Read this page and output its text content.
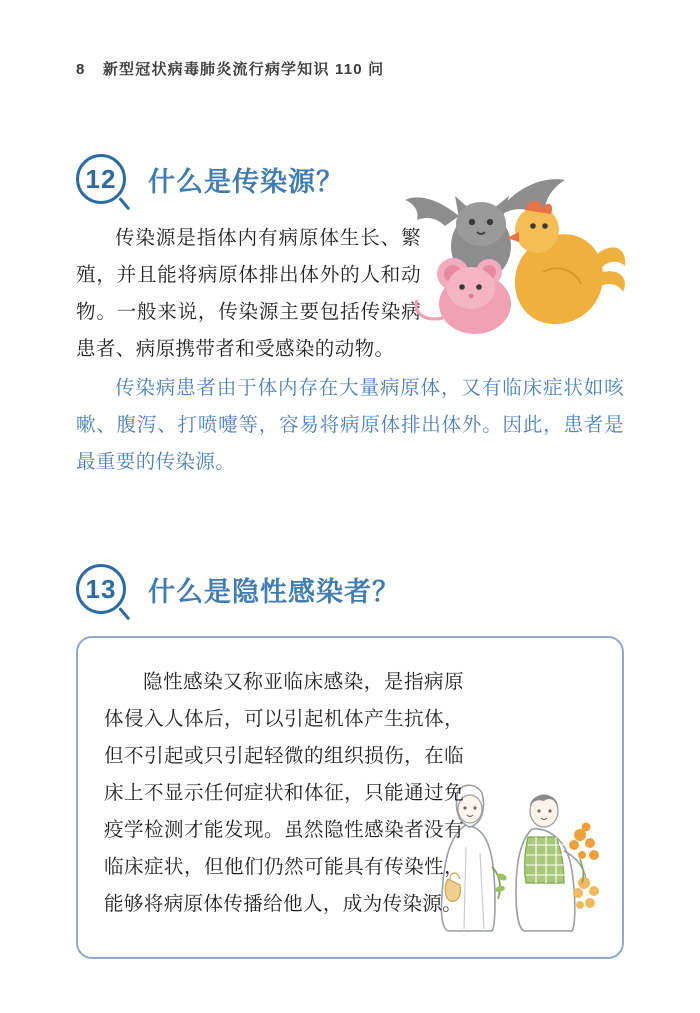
8 新型冠状病毒肺炎流行病学知识 110 问
12 什么是传染源？

传染源是指体内有病原体生长、繁殖，并且能将病原体排出体外的人和动物。一般来说，传染源主要包括传染病患者、病原携带者和受感染的动物。

传染病患者由于体内存在大量病原体，又有临床症状如咳嗽、腹泻、打喷嚏等，容易将病原体排出体外。因此，患者是最重要的传染源。

13 什么是隐性感染者？

隐性感染又称亚临床感染，是指病原体侵入人体后，可以引起机体产生抗体，但不引起或只引起轻微的组织损伤，在临床上不显示任何症状和体征，只能通过免疫学检测才能发现。虽然隐性感染者没有临床症状，但他们仍然可能具有传染性，能够将病原体传播给他人，成为传染源。
